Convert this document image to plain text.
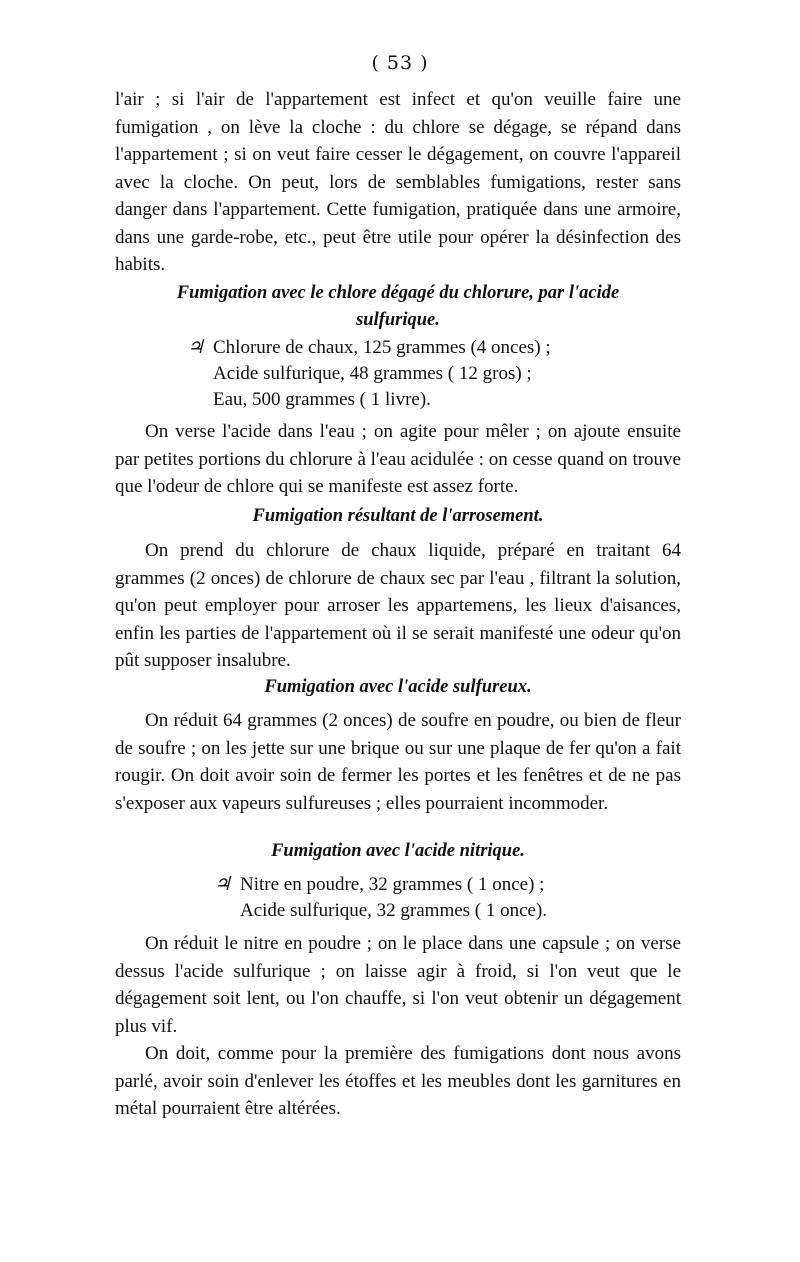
( 53 )

l'air ; si l'air de l'appartement est infect et qu'on veuille faire une fumigation , on lève la cloche : du chlore se dégage, se répand dans l'appartement ; si on veut faire cesser le dégagement, on couvre l'appareil avec la cloche. On peut, lors de semblables fumigations, rester sans danger dans l'appartement. Cette fumigation, pratiquée dans une armoire, dans une garde-robe, etc., peut être utile pour opérer la désinfection des habits.

Fumigation avec le chlore dégagé du chlorure, par l'acide sulfurique.
♃ Chlorure de chaux, 125 grammes (4 onces) ;
Acide sulfurique, 48 grammes ( 12 gros) ;
Eau, 500 grammes ( 1 livre).

On verse l'acide dans l'eau ; on agite pour mêler ; on ajoute ensuite par petites portions du chlorure à l'eau acidulée : on cesse quand on trouve que l'odeur de chlore qui se manifeste est assez forte.

Fumigation résultant de l'arrosement.

On prend du chlorure de chaux liquide, préparé en traitant 64 grammes (2 onces) de chlorure de chaux sec par l'eau , filtrant la solution, qu'on peut employer pour arroser les appartemens, les lieux d'aisances, enfin les parties de l'appartement où il se serait manifesté une odeur qu'on pût supposer insalubre.

Fumigation avec l'acide sulfureux.

On réduit 64 grammes (2 onces) de soufre en poudre, ou bien de fleur de soufre ; on les jette sur une brique ou sur une plaque de fer qu'on a fait rougir. On doit avoir soin de fermer les portes et les fenêtres et de ne pas s'exposer aux vapeurs sulfureuses ; elles pourraient incommoder.

Fumigation avec l'acide nitrique.
♃ Nitre en poudre, 32 grammes ( 1 once) ;
Acide sulfurique, 32 grammes ( 1 once).

On réduit le nitre en poudre ; on le place dans une capsule ; on verse dessus l'acide sulfurique ; on laisse agir à froid, si l'on veut que le dégagement soit lent, ou l'on chauffe, si l'on veut obtenir un dégagement plus vif.

On doit, comme pour la première des fumigations dont nous avons parlé, avoir soin d'enlever les étoffes et les meubles dont les garnitures en métal pourraient être altérées.
